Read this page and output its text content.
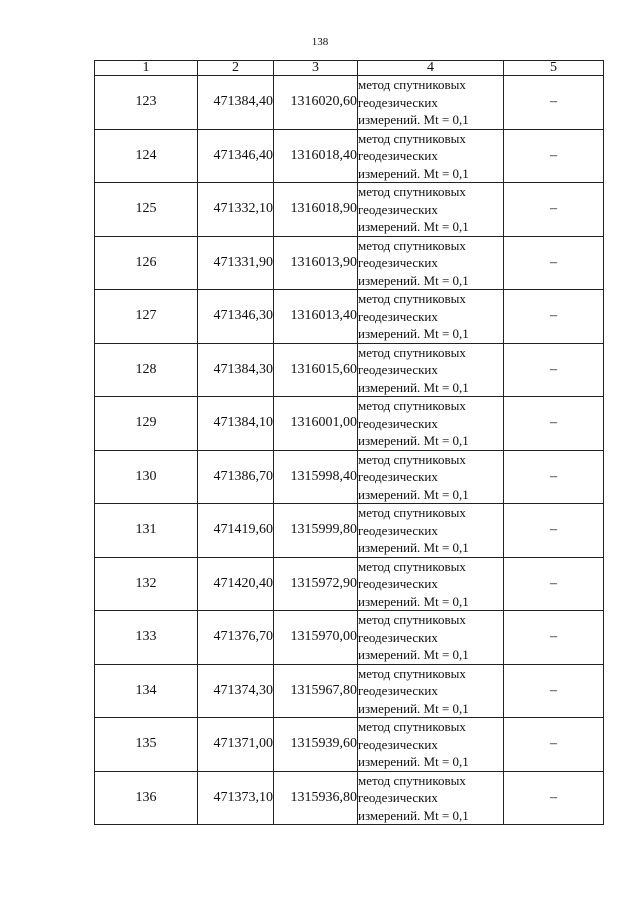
138
1	2	3	4	5
123	471384,40	1316020,60	метод спутниковых
геодезических
измерений. Mt = 0,1	–
124	471346,40	1316018,40	метод спутниковых
геодезических
измерений. Mt = 0,1	–
125	471332,10	1316018,90	метод спутниковых
геодезических
измерений. Mt = 0,1	–
126	471331,90	1316013,90	метод спутниковых
геодезических
измерений. Mt = 0,1	–
127	471346,30	1316013,40	метод спутниковых
геодезических
измерений. Mt = 0,1	–
128	471384,30	1316015,60	метод спутниковых
геодезических
измерений. Mt = 0,1	–
129	471384,10	1316001,00	метод спутниковых
геодезических
измерений. Mt = 0,1	–
130	471386,70	1315998,40	метод спутниковых
геодезических
измерений. Mt = 0,1	–
131	471419,60	1315999,80	метод спутниковых
геодезических
измерений. Mt = 0,1	–
132	471420,40	1315972,90	метод спутниковых
геодезических
измерений. Mt = 0,1	–
133	471376,70	1315970,00	метод спутниковых
геодезических
измерений. Mt = 0,1	–
134	471374,30	1315967,80	метод спутниковых
геодезических
измерений. Mt = 0,1	–
135	471371,00	1315939,60	метод спутниковых
геодезических
измерений. Mt = 0,1	–
136	471373,10	1315936,80	метод спутниковых
геодезических
измерений. Mt = 0,1	–
